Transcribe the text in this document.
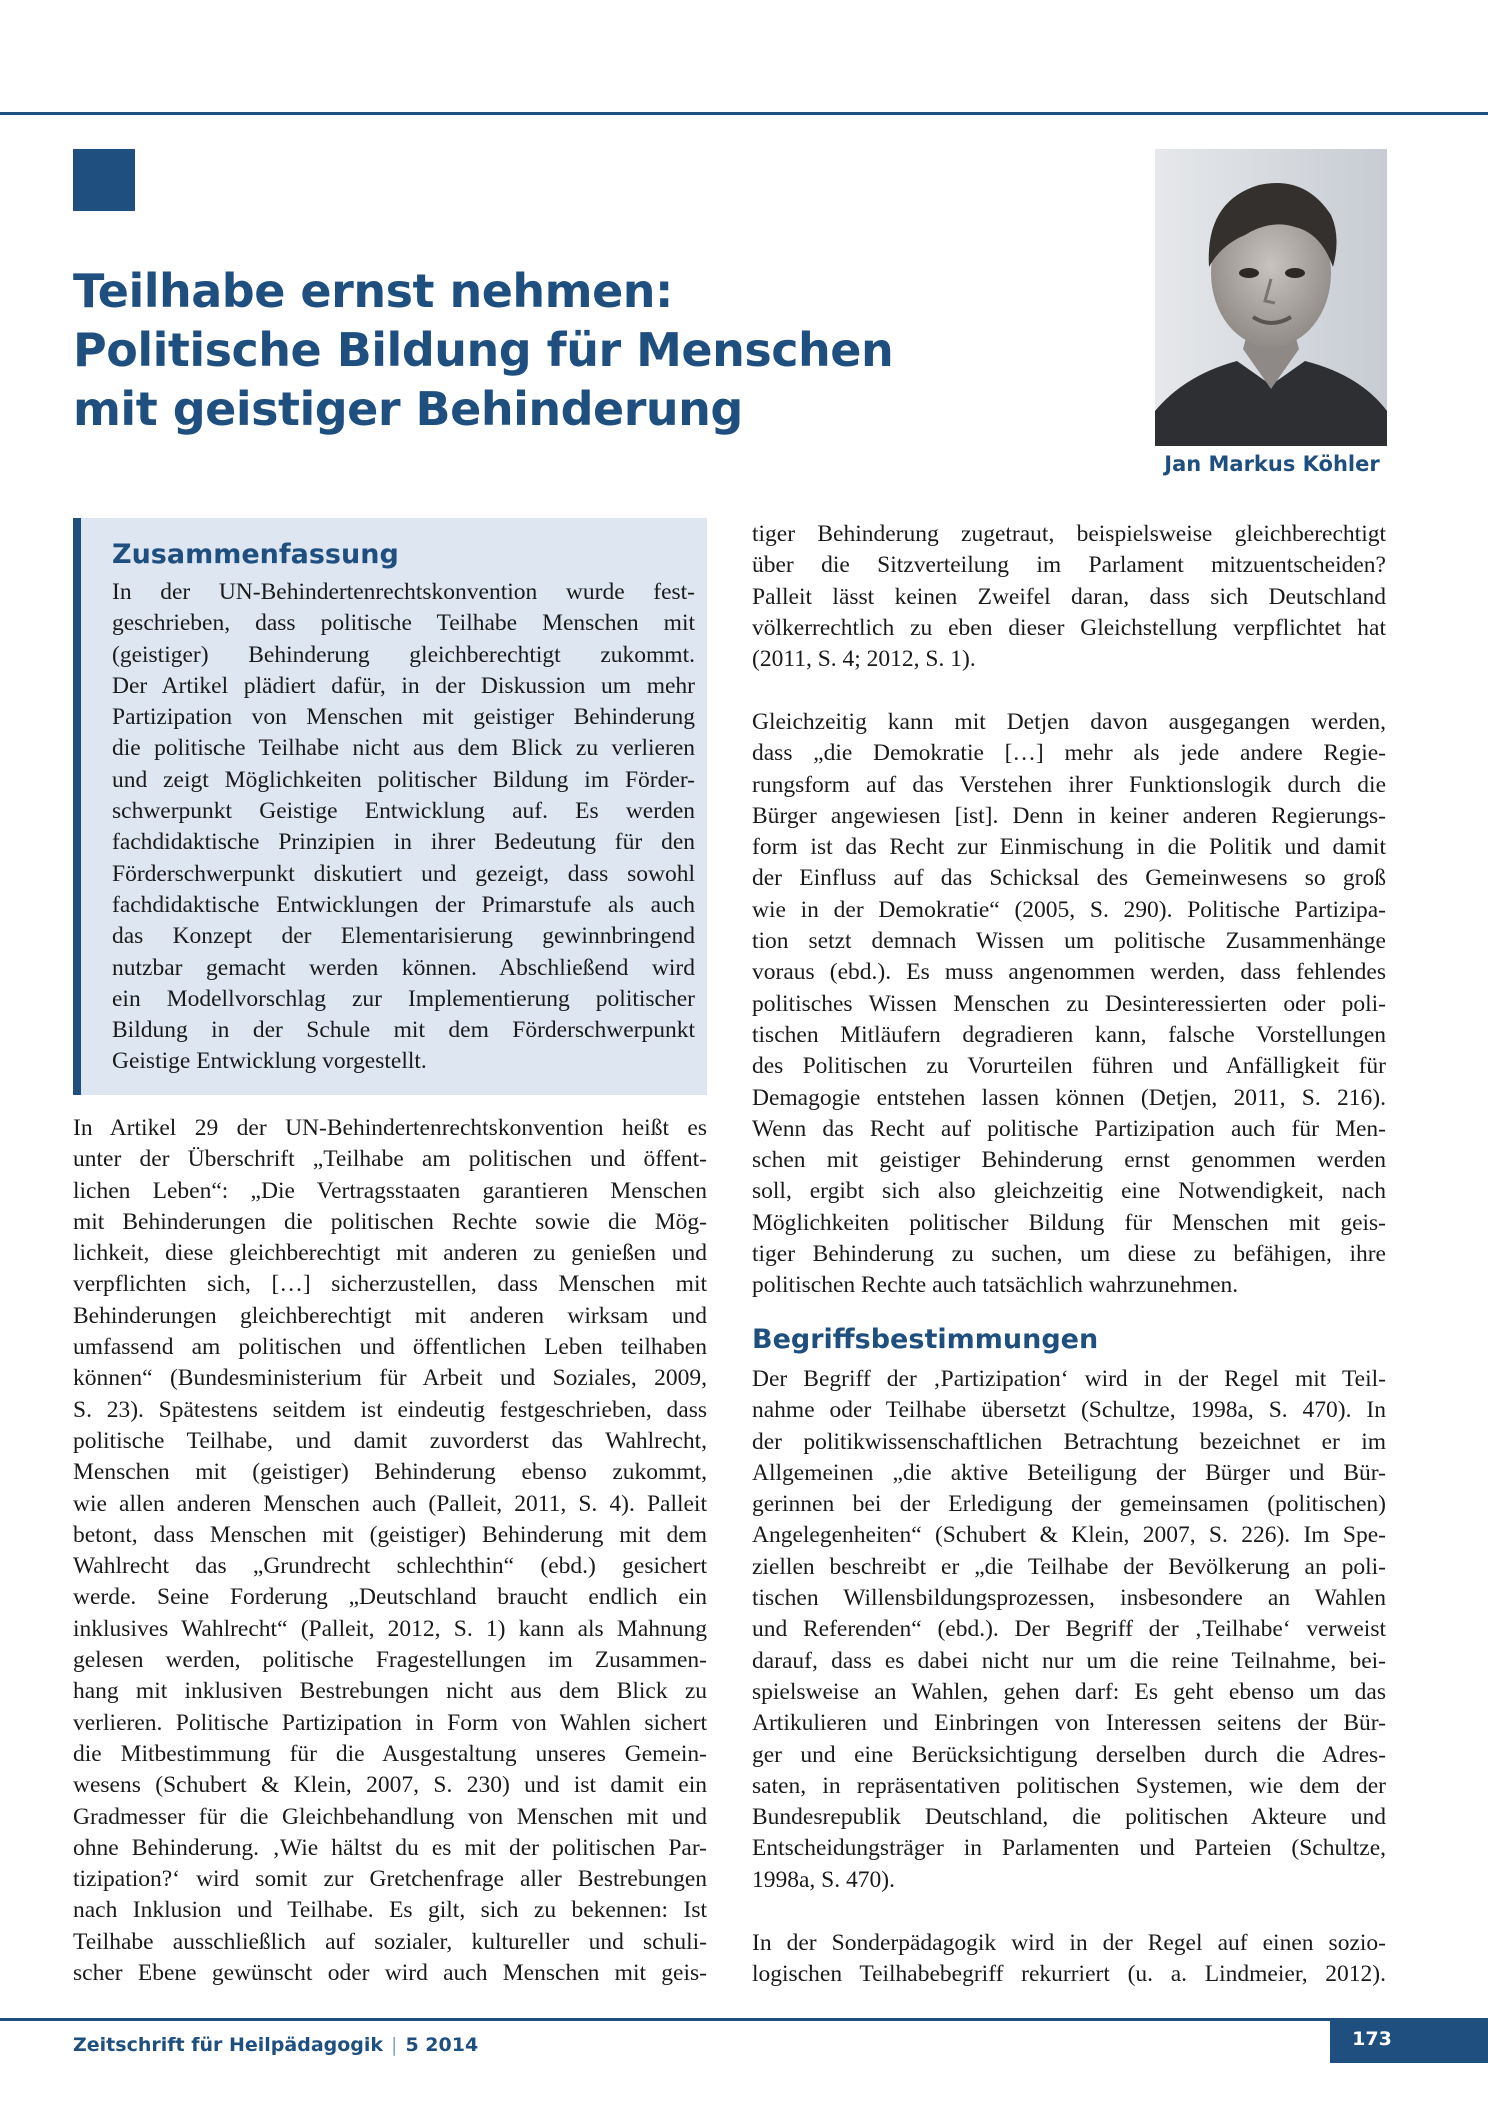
Teilhabe ernst nehmen:
Politische Bildung für Menschen
mit geistiger Behinderung
Jan Markus Köhler
Zusammenfassung
In der UN-Behindertenrechtskonvention wurde fest-
geschrieben, dass politische Teilhabe Menschen mit
(geistiger) Behinderung gleichberechtigt zukommt.
Der Artikel plädiert dafür, in der Diskussion um mehr
Partizipation von Menschen mit geistiger Behinderung
die politische Teilhabe nicht aus dem Blick zu verlieren
und zeigt Möglichkeiten politischer Bildung im Förder-
schwerpunkt Geistige Entwicklung auf. Es werden
fachdidaktische Prinzipien in ihrer Bedeutung für den
Förderschwerpunkt diskutiert und gezeigt, dass sowohl
fachdidaktische Entwicklungen der Primarstufe als auch
das Konzept der Elementarisierung gewinnbringend
nutzbar gemacht werden können. Abschließend wird
ein Modellvorschlag zur Implementierung politischer
Bildung in der Schule mit dem Förderschwerpunkt
Geistige Entwicklung vorgestellt.
In Artikel 29 der UN-Behindertenrechtskonvention heißt es
unter der Überschrift „Teilhabe am politischen und öffent-
lichen Leben“: „Die Vertragsstaaten garantieren Menschen
mit Behinderungen die politischen Rechte sowie die Mög-
lichkeit, diese gleichberechtigt mit anderen zu genießen und
verpflichten sich, […] sicherzustellen, dass Menschen mit
Behinderungen gleichberechtigt mit anderen wirksam und
umfassend am politischen und öffentlichen Leben teilhaben
können“ (Bundesministerium für Arbeit und Soziales, 2009,
S. 23). Spätestens seitdem ist eindeutig festgeschrieben, dass
politische Teilhabe, und damit zuvorderst das Wahlrecht,
Menschen mit (geistiger) Behinderung ebenso zukommt,
wie allen anderen Menschen auch (Palleit, 2011, S. 4). Palleit
betont, dass Menschen mit (geistiger) Behinderung mit dem
Wahlrecht das „Grundrecht schlechthin“ (ebd.) gesichert
werde. Seine Forderung „Deutschland braucht endlich ein
inklusives Wahlrecht“ (Palleit, 2012, S. 1) kann als Mahnung
gelesen werden, politische Fragestellungen im Zusammen-
hang mit inklusiven Bestrebungen nicht aus dem Blick zu
verlieren. Politische Partizipation in Form von Wahlen sichert
die Mitbestimmung für die Ausgestaltung unseres Gemein-
wesens (Schubert & Klein, 2007, S. 230) und ist damit ein
Gradmesser für die Gleichbehandlung von Menschen mit und
ohne Behinderung. ‚Wie hältst du es mit der politischen Par-
tizipation?‘ wird somit zur Gretchenfrage aller Bestrebungen
nach Inklusion und Teilhabe. Es gilt, sich zu bekennen: Ist
Teilhabe ausschließlich auf sozialer, kultureller und schuli-
scher Ebene gewünscht oder wird auch Menschen mit geis-
tiger Behinderung zugetraut, beispielsweise gleichberechtigt
über die Sitzverteilung im Parlament mitzuentscheiden?
Palleit lässt keinen Zweifel daran, dass sich Deutschland
völkerrechtlich zu eben dieser Gleichstellung verpflichtet hat
(2011, S. 4; 2012, S. 1).
Gleichzeitig kann mit Detjen davon ausgegangen werden,
dass „die Demokratie […] mehr als jede andere Regie-
rungsform auf das Verstehen ihrer Funktionslogik durch die
Bürger angewiesen [ist]. Denn in keiner anderen Regierungs-
form ist das Recht zur Einmischung in die Politik und damit
der Einfluss auf das Schicksal des Gemeinwesens so groß
wie in der Demokratie“ (2005, S. 290). Politische Partizipa-
tion setzt demnach Wissen um politische Zusammenhänge
voraus (ebd.). Es muss angenommen werden, dass fehlendes
politisches Wissen Menschen zu Desinteressierten oder poli-
tischen Mitläufern degradieren kann, falsche Vorstellungen
des Politischen zu Vorurteilen führen und Anfälligkeit für
Demagogie entstehen lassen können (Detjen, 2011, S. 216).
Wenn das Recht auf politische Partizipation auch für Men-
schen mit geistiger Behinderung ernst genommen werden
soll, ergibt sich also gleichzeitig eine Notwendigkeit, nach
Möglichkeiten politischer Bildung für Menschen mit geis-
tiger Behinderung zu suchen, um diese zu befähigen, ihre
politischen Rechte auch tatsächlich wahrzunehmen.
Begriffsbestimmungen
Der Begriff der ‚Partizipation‘ wird in der Regel mit Teil-
nahme oder Teilhabe übersetzt (Schultze, 1998a, S. 470). In
der politikwissenschaftlichen Betrachtung bezeichnet er im
Allgemeinen „die aktive Beteiligung der Bürger und Bür-
gerinnen bei der Erledigung der gemeinsamen (politischen)
Angelegenheiten“ (Schubert & Klein, 2007, S. 226). Im Spe-
ziellen beschreibt er „die Teilhabe der Bevölkerung an poli-
tischen Willensbildungsprozessen, insbesondere an Wahlen
und Referenden“ (ebd.). Der Begriff der ‚Teilhabe‘ verweist
darauf, dass es dabei nicht nur um die reine Teilnahme, bei-
spielsweise an Wahlen, gehen darf: Es geht ebenso um das
Artikulieren und Einbringen von Interessen seitens der Bür-
ger und eine Berücksichtigung derselben durch die Adres-
saten, in repräsentativen politischen Systemen, wie dem der
Bundesrepublik Deutschland, die politischen Akteure und
Entscheidungsträger in Parlamenten und Parteien (Schultze,
1998a, S. 470).
In der Sonderpädagogik wird in der Regel auf einen sozio-
logischen Teilhabebegriff rekurriert (u. a. Lindmeier, 2012).
Zeitschrift für Heilpädagogik | 5 2014	173
